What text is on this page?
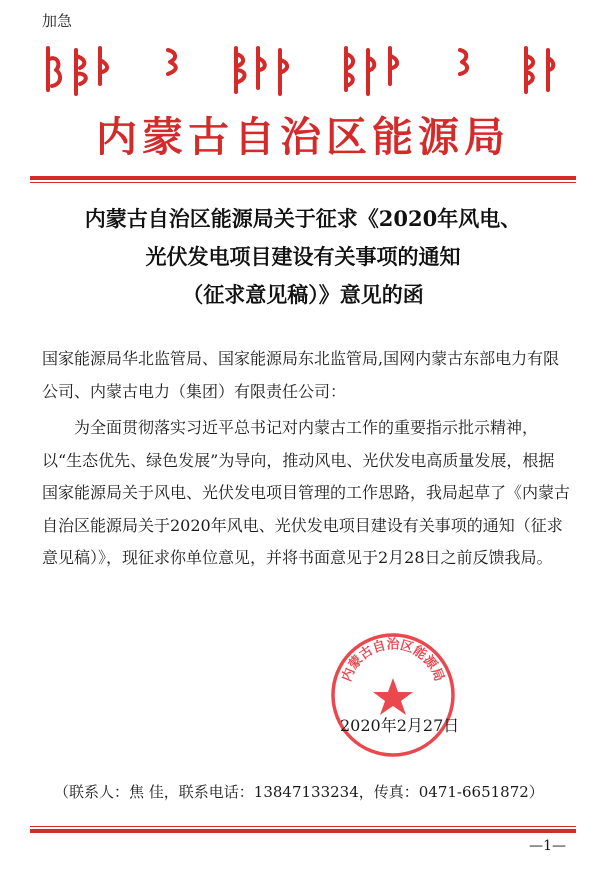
加急
内蒙古自治区能源局
内蒙古自治区能源局关于征求《2020年风电、
光伏发电项目建设有关事项的通知
（征求意见稿）》意见的函
国家能源局华北监管局、国家能源局东北监管局,国网内蒙古东部电力有限公司、内蒙古电力（集团）有限责任公司：
为全面贯彻落实习近平总书记对内蒙古工作的重要指示批示精神，以“生态优先、绿色发展”为导向，推动风电、光伏发电高质量发展，根据国家能源局关于风电、光伏发电项目管理的工作思路，我局起草了《内蒙古自治区能源局关于2020年风电、光伏发电项目建设有关事项的通知（征求意见稿）》，现征求你单位意见，并将书面意见于2月28日之前反馈我局。
内蒙古自治区能源局
2020年2月27日
（联系人：焦 佳，联系电话：13847133234，传真：0471-6651872）
—1—
